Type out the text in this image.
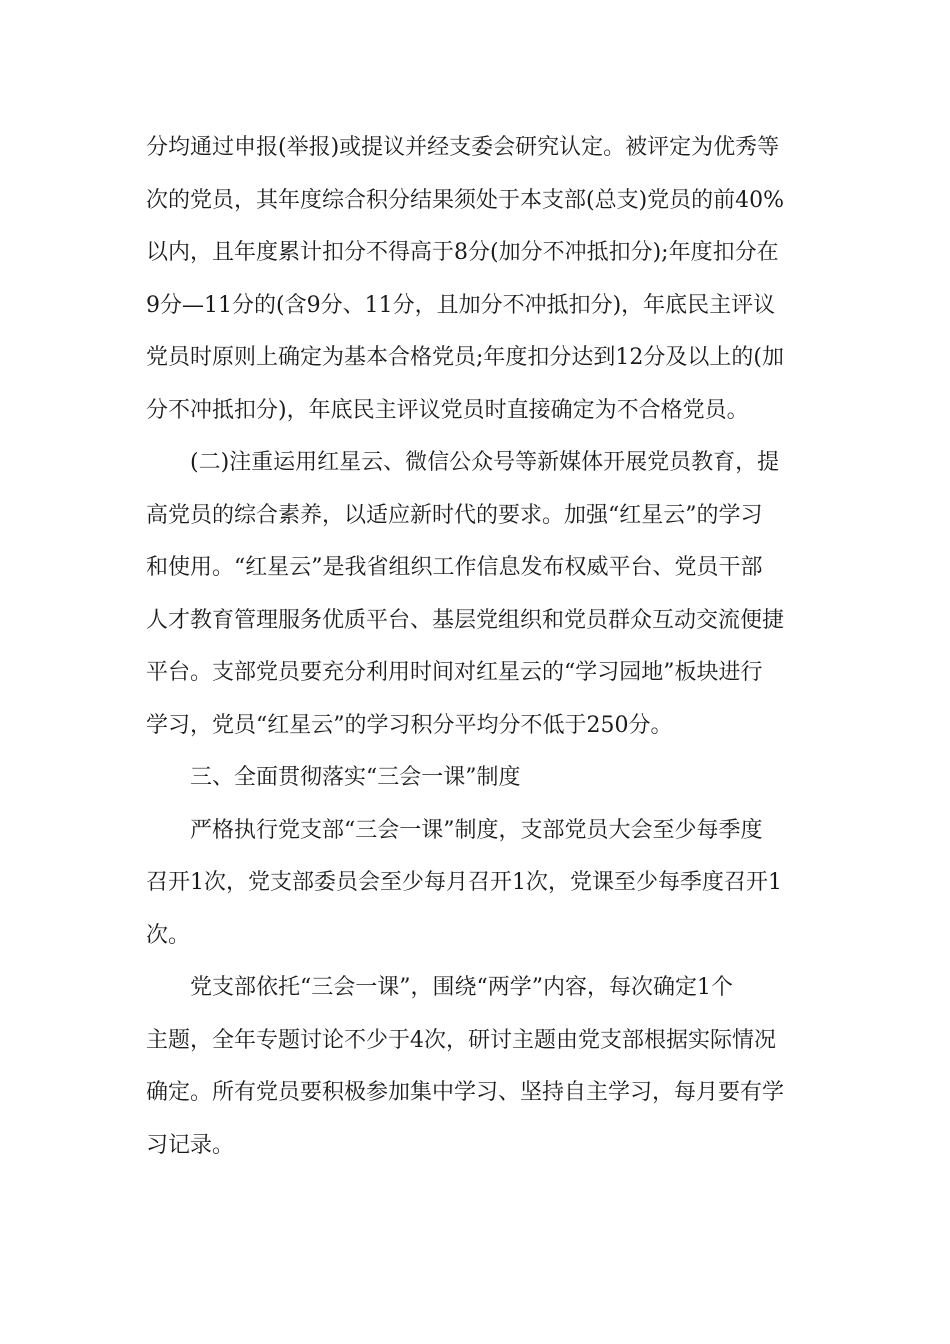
分均通过申报(举报)或提议并经支委会研究认定。被评定为优秀等
次的党员，其年度综合积分结果须处于本支部(总支)党员的前40%
以内，且年度累计扣分不得高于8分(加分不冲抵扣分);年度扣分在
9分—11分的(含9分、11分，且加分不冲抵扣分)，年底民主评议
党员时原则上确定为基本合格党员;年度扣分达到12分及以上的(加
分不冲抵扣分)，年底民主评议党员时直接确定为不合格党员。
(二)注重运用红星云、微信公众号等新媒体开展党员教育，提
高党员的综合素养，以适应新时代的要求。加强“红星云”的学习
和使用。“红星云”是我省组织工作信息发布权威平台、党员干部
人才教育管理服务优质平台、基层党组织和党员群众互动交流便捷
平台。支部党员要充分利用时间对红星云的“学习园地”板块进行
学习，党员“红星云”的学习积分平均分不低于250分。
三、全面贯彻落实“三会一课”制度
严格执行党支部“三会一课”制度，支部党员大会至少每季度
召开1次，党支部委员会至少每月召开1次，党课至少每季度召开1
次。
党支部依托“三会一课”，围绕“两学”内容，每次确定1个
主题，全年专题讨论不少于4次，研讨主题由党支部根据实际情况
确定。所有党员要积极参加集中学习、坚持自主学习，每月要有学
习记录。
